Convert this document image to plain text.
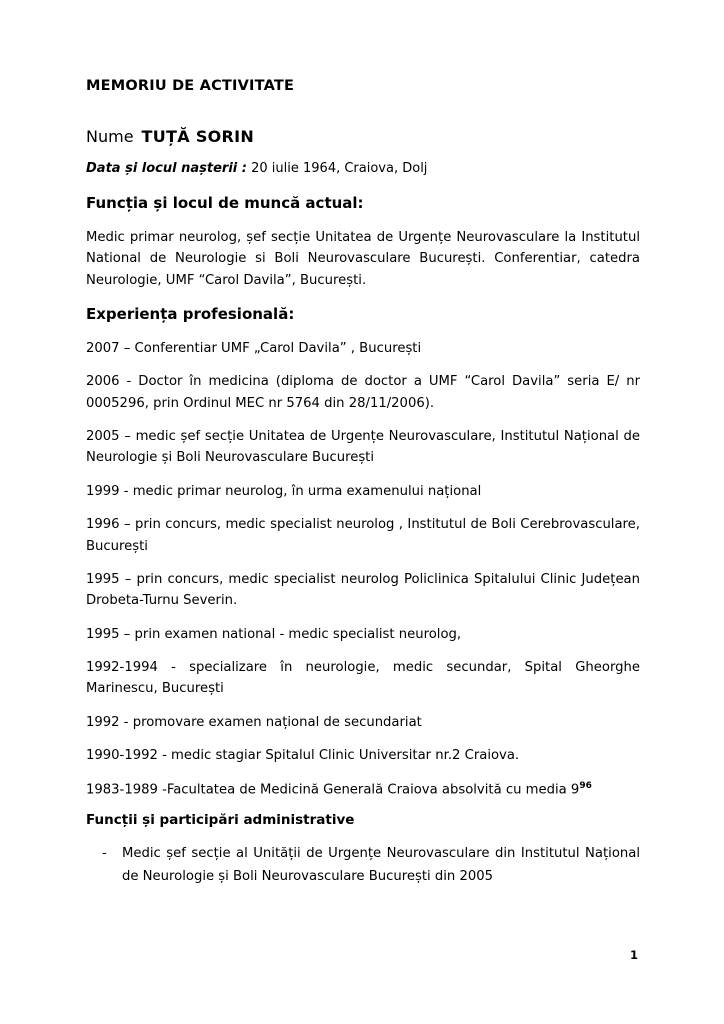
MEMORIU DE ACTIVITATE
Nume TUȚĂ SORIN
Data și locul nașterii : 20 iulie 1964, Craiova, Dolj
Funcția și locul de muncă actual:
Medic primar neurolog, șef secție Unitatea de Urgențe Neurovasculare la Institutul National de Neurologie si Boli Neurovasculare București. Conferentiar, catedra Neurologie, UMF “Carol Davila”, București.
Experiența profesională:
2007 – Conferentiar UMF „Carol Davila” , București
2006 - Doctor în medicina (diploma de doctor a UMF “Carol Davila” seria E/ nr 0005296, prin Ordinul MEC nr 5764 din 28/11/2006).
2005 – medic șef secție Unitatea de Urgențe Neurovasculare, Institutul Național de Neurologie și Boli Neurovasculare București
1999 - medic primar neurolog, în urma examenului național
1996 – prin concurs, medic specialist neurolog , Institutul de Boli Cerebrovasculare, București
1995 – prin concurs, medic specialist neurolog Policlinica Spitalului Clinic Județean Drobeta-Turnu Severin.
1995 – prin examen national - medic specialist neurolog,
1992-1994 - specializare în neurologie, medic secundar, Spital Gheorghe Marinescu, București
1992 - promovare examen național de secundariat
1990-1992 - medic stagiar Spitalul Clinic Universitar nr.2 Craiova.
1983-1989 -Facultatea de Medicină Generală Craiova absolvită cu media $9^{96}$
Funcții și participări administrative
- Medic șef secție al Unității de Urgențe Neurovasculare din Institutul Național de Neurologie și Boli Neurovasculare București din 2005
1
